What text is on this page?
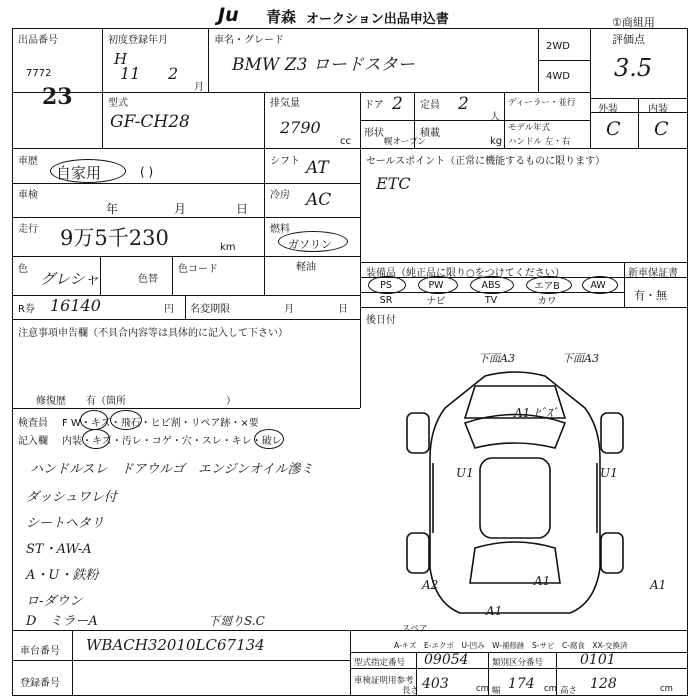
Ju 青森 オークション出品申込書	①商組用
出品番号
7772
23
初度登録年月
H
11 2
月
車名・グレード
BMW Z3 ロードスター
2WD
4WD
評価点
3.5
外装	内装
C C
型式
GF-CH28
排気量
2790
cc
ドア 2 定員 2
人
ディーラー・並行
モデル年式
ハンドル 左・右
形状
幌オープン
積載
kg
車歴
自家用	( )
シフト AT
冷房 AC
セールスポイント（正常に機能するものに限ります）
ETC
車検
年	月	日
走行 9万5千230	km
燃料
ガソリン
軽油
色
グレシャ	色替
色コード
R券 16140	円 名変期限	月	日
注意事項申告欄（不具合内容等は具体的に記入して下さい）
修復歴　　有（箇所　　　　　　　　　　）
装備品（純正品に限り○をつけてください）	新車保証書
有・無
PS	PW	ABS	エアB	AW
SR	ナビ	TV	カワ
後日付
検査員 F W・キズ・飛石・ヒビ割・リペア跡・×要
記入欄 内装・キズ・汚レ・コゲ・穴・スレ・キレ・破レ
ハンドルスレ　ドアウルゴ　エンジンオイル滲ミ
ダッシュワレ付
シートヘタリ
ST・AW-A
A・U・鉄粉
ロ-ダウン
D　ミラーA	下廻りS.C
下面A3	下面A3
A1 ﾋﾞｽﾞ
U1	U1
A2	A1
A1
A1
スペア
A-キズ　E-エクボ　U-凹み　W-補修跡　S-サビ　C-腐食　XX-交換済
車台番号 WBACH32010LC67134
登録番号
型式指定番号 09054	類別区分番号	0101
車検証明用参考
長さ 403	cm 幅 174 cm 高さ 128	cm
